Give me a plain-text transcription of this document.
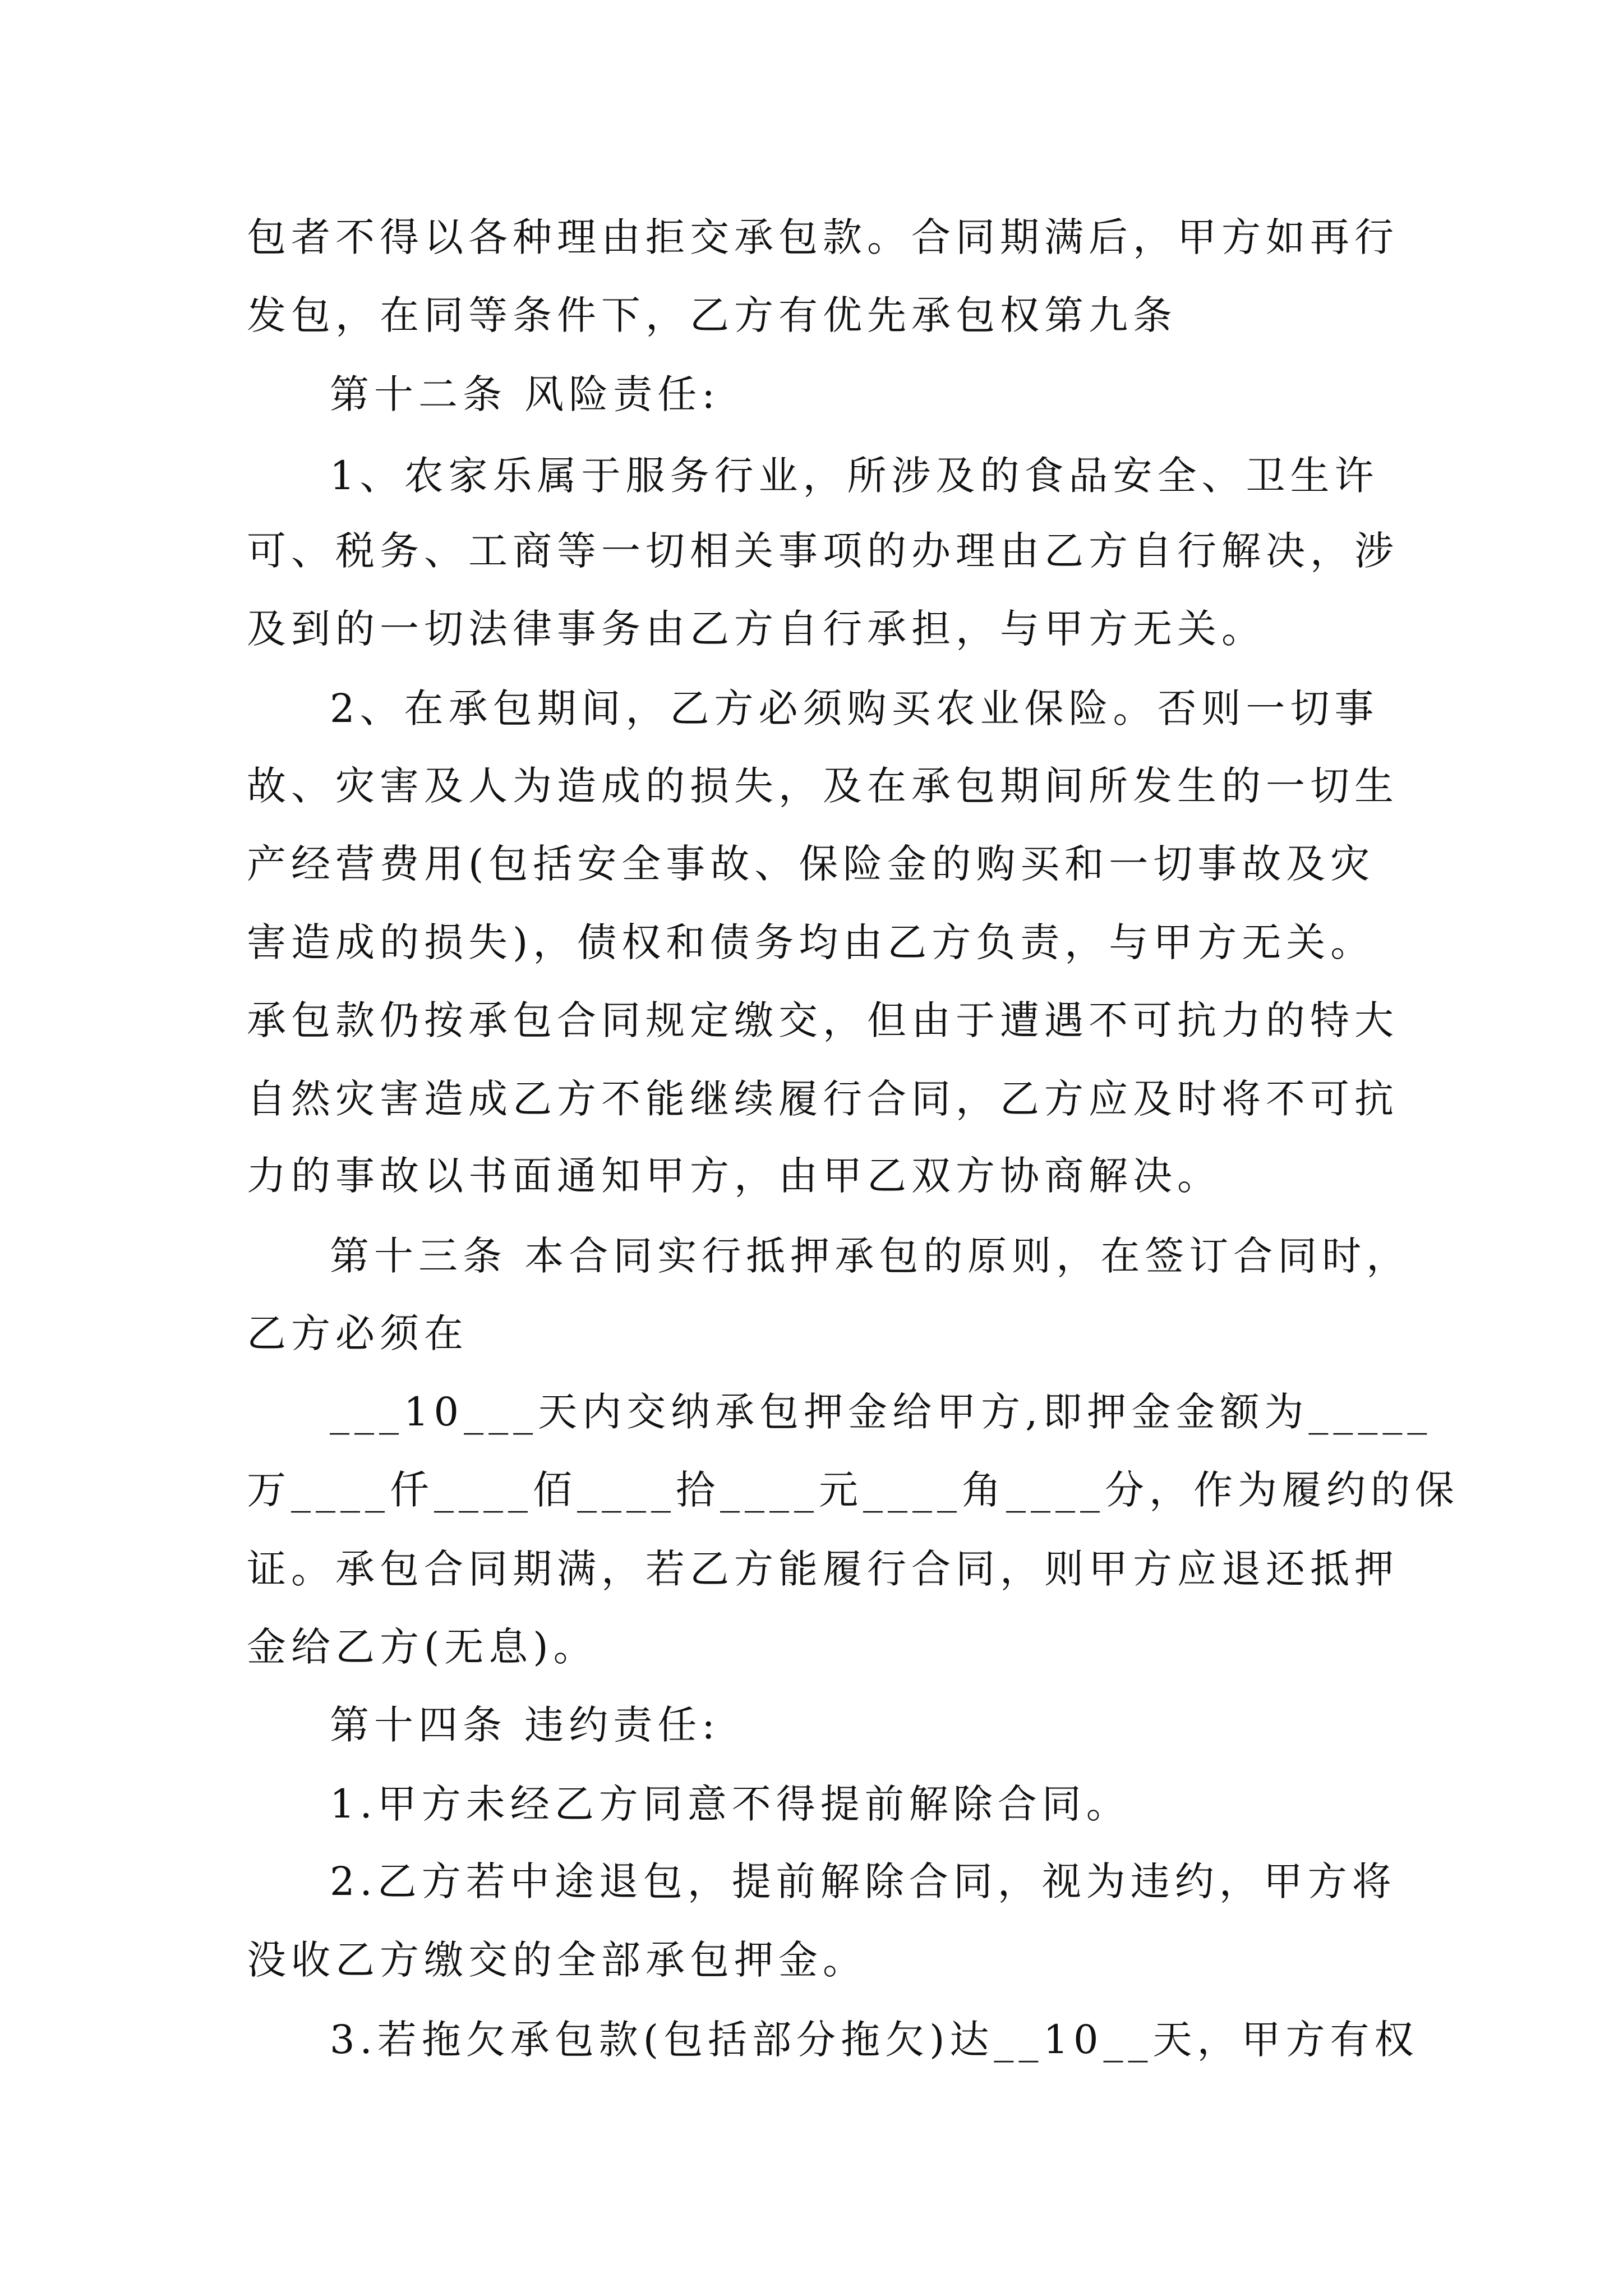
包者不得以各种理由拒交承包款。合同期满后，甲方如再行
发包，在同等条件下，乙方有优先承包权第九条
第十二条 风险责任:
1、农家乐属于服务行业，所涉及的食品安全、卫生许
可、税务、工商等一切相关事项的办理由乙方自行解决，涉
及到的一切法律事务由乙方自行承担，与甲方无关。
2、在承包期间，乙方必须购买农业保险。否则一切事
故、灾害及人为造成的损失，及在承包期间所发生的一切生
产经营费用(包括安全事故、保险金的购买和一切事故及灾
害造成的损失)，债权和债务均由乙方负责，与甲方无关。
承包款仍按承包合同规定缴交，但由于遭遇不可抗力的特大
自然灾害造成乙方不能继续履行合同，乙方应及时将不可抗
力的事故以书面通知甲方，由甲乙双方协商解决。
第十三条 本合同实行抵押承包的原则，在签订合同时，
乙方必须在
___10___天内交纳承包押金给甲方,即押金金额为_____
万____仟____佰____拾____元____角____分，作为履约的保
证。承包合同期满，若乙方能履行合同，则甲方应退还抵押
金给乙方(无息)。
第十四条 违约责任:
1.甲方未经乙方同意不得提前解除合同。
2.乙方若中途退包，提前解除合同，视为违约，甲方将
没收乙方缴交的全部承包押金。
3.若拖欠承包款(包括部分拖欠)达__10__天，甲方有权
